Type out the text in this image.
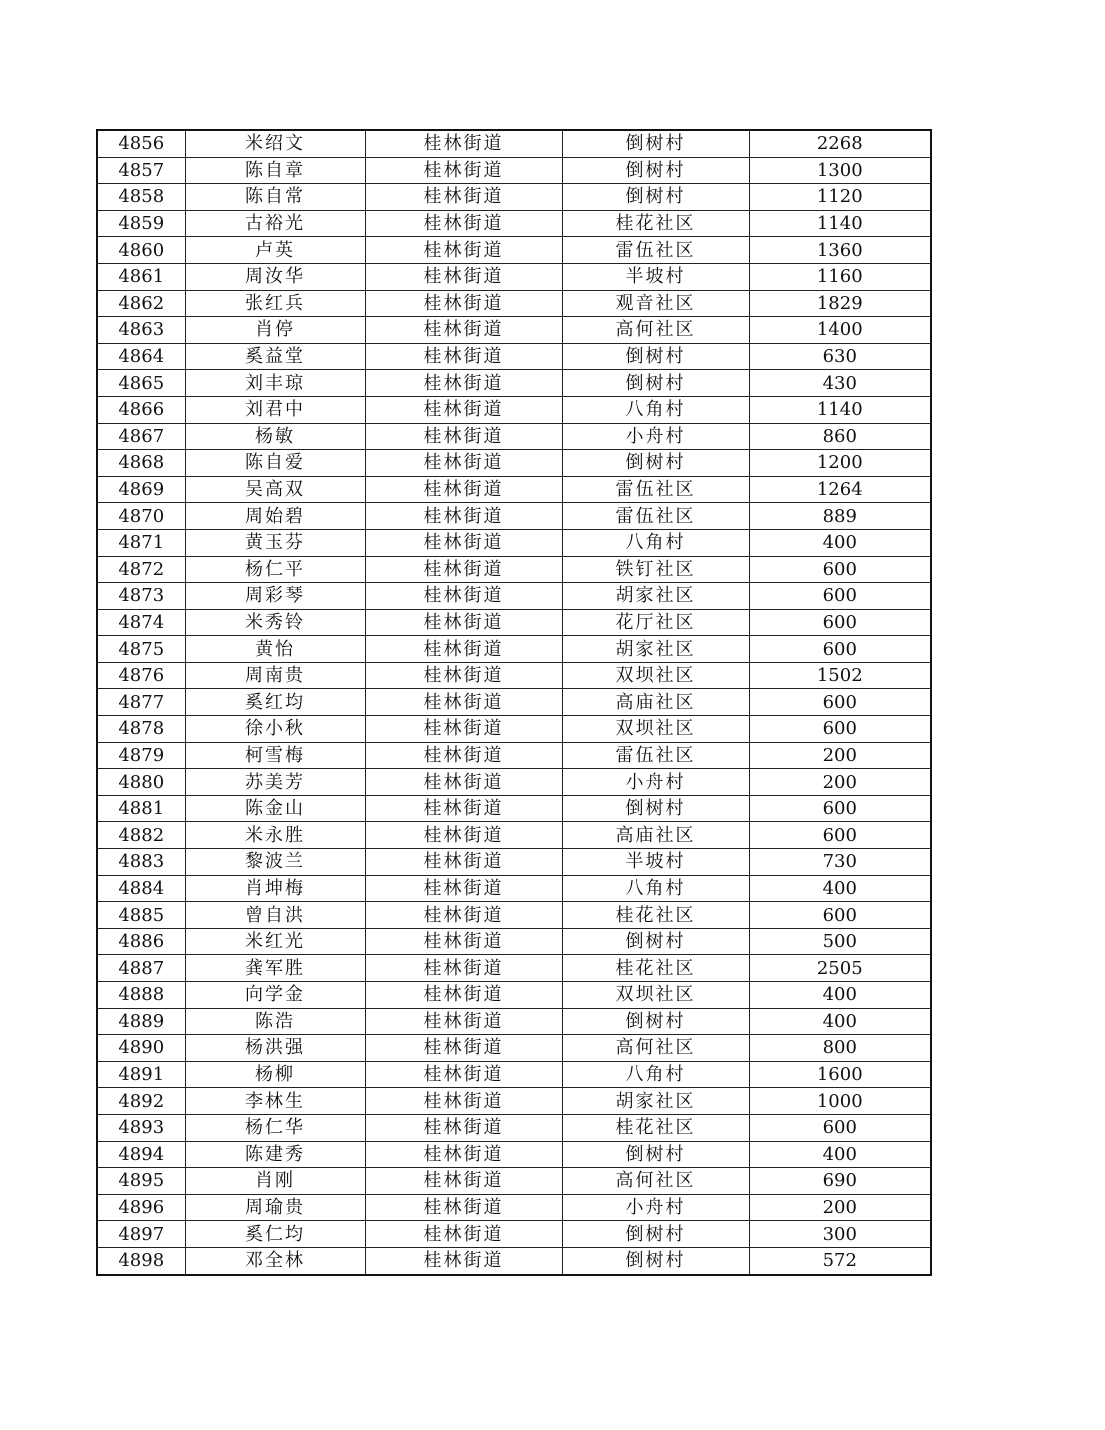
4856	米绍文	桂林街道	倒树村	2268
4857	陈自章	桂林街道	倒树村	1300
4858	陈自常	桂林街道	倒树村	1120
4859	古裕光	桂林街道	桂花社区	1140
4860	卢英	桂林街道	雷伍社区	1360
4861	周汝华	桂林街道	半坡村	1160
4862	张红兵	桂林街道	观音社区	1829
4863	肖停	桂林街道	高何社区	1400
4864	奚益堂	桂林街道	倒树村	630
4865	刘丰琼	桂林街道	倒树村	430
4866	刘君中	桂林街道	八角村	1140
4867	杨敏	桂林街道	小舟村	860
4868	陈自爱	桂林街道	倒树村	1200
4869	吴高双	桂林街道	雷伍社区	1264
4870	周始碧	桂林街道	雷伍社区	889
4871	黄玉芬	桂林街道	八角村	400
4872	杨仁平	桂林街道	铁钉社区	600
4873	周彩琴	桂林街道	胡家社区	600
4874	米秀铃	桂林街道	花厅社区	600
4875	黄怡	桂林街道	胡家社区	600
4876	周南贵	桂林街道	双坝社区	1502
4877	奚红均	桂林街道	高庙社区	600
4878	徐小秋	桂林街道	双坝社区	600
4879	柯雪梅	桂林街道	雷伍社区	200
4880	苏美芳	桂林街道	小舟村	200
4881	陈金山	桂林街道	倒树村	600
4882	米永胜	桂林街道	高庙社区	600
4883	黎波兰	桂林街道	半坡村	730
4884	肖坤梅	桂林街道	八角村	400
4885	曾自洪	桂林街道	桂花社区	600
4886	米红光	桂林街道	倒树村	500
4887	龚军胜	桂林街道	桂花社区	2505
4888	向学金	桂林街道	双坝社区	400
4889	陈浩	桂林街道	倒树村	400
4890	杨洪强	桂林街道	高何社区	800
4891	杨柳	桂林街道	八角村	1600
4892	李林生	桂林街道	胡家社区	1000
4893	杨仁华	桂林街道	桂花社区	600
4894	陈建秀	桂林街道	倒树村	400
4895	肖刚	桂林街道	高何社区	690
4896	周瑜贵	桂林街道	小舟村	200
4897	奚仁均	桂林街道	倒树村	300
4898	邓全林	桂林街道	倒树村	572
